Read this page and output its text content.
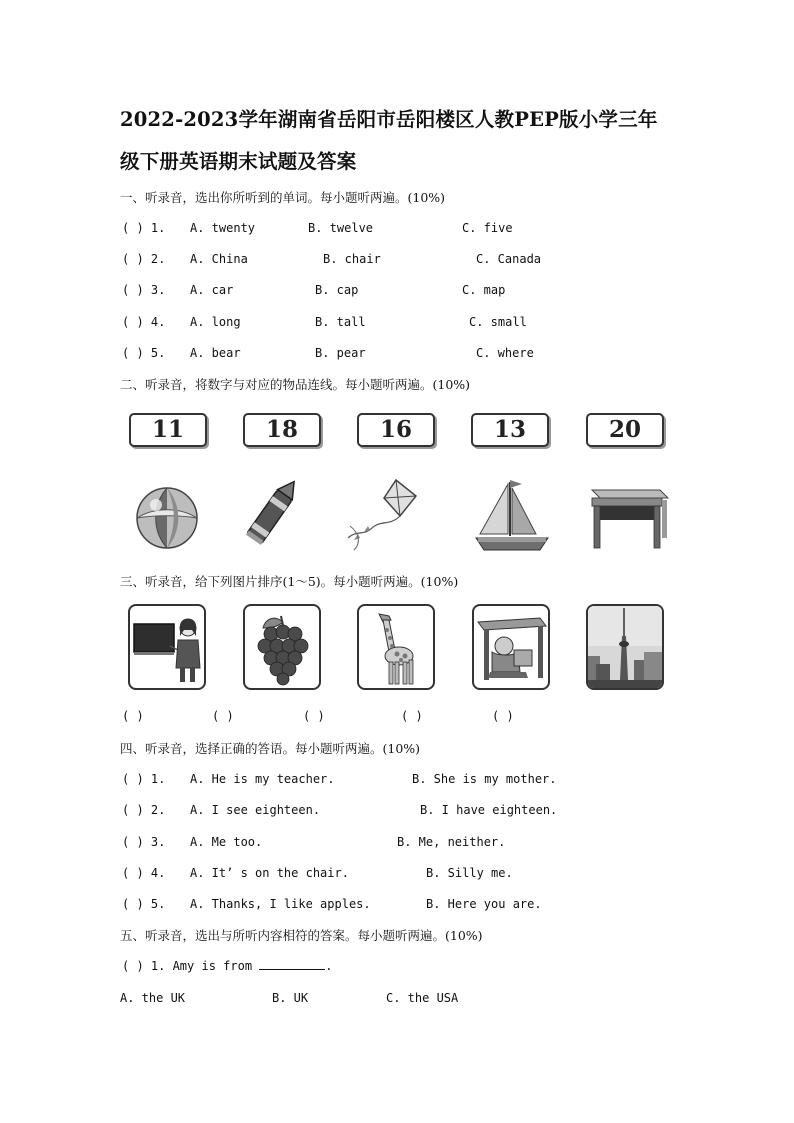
2022-2023学年湖南省岳阳市岳阳楼区人教PEP版小学三年
级下册英语期末试题及答案
一、听录音，选出你所听到的单词。每小题听两遍。(10%)
( ) 1. A. twenty	B. twelve	C. five
( ) 2. A. China	B. chair	C. Canada
( ) 3. A. car	B. cap	C. map
( ) 4. A. long	B. tall	C. small
( ) 5. A. bear	B. pear	C. where
二、听录音，将数字与对应的物品连线。每小题听两遍。(10%)
11	18	16	13	20
三、听录音，给下列图片排序(1～5)。每小题听两遍。(10%)
( )	( )	( )	( )	( )
四、听录音，选择正确的答语。每小题听两遍。(10%)
( ) 1. A. He is my teacher.	B. She is my mother.
( ) 2. A. I see eighteen.	B. I have eighteen.
( ) 3. A. Me too.	B. Me, neither.
( ) 4. A. It’ s on the chair.	B. Silly me.
( ) 5. A. Thanks, I like apples.	B. Here you are.
五、听录音，选出与所听内容相符的答案。每小题听两遍。(10%)
( ) 1. Amy is from	.
A. the UK	B. UK	C. the USA
